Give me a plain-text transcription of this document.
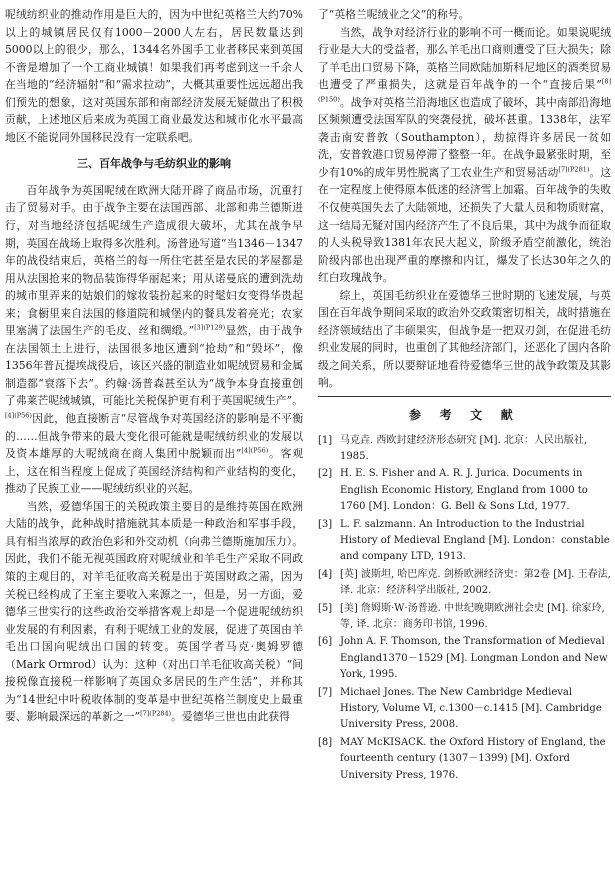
呢绒纺织业的推动作用是巨大的，因为中世纪英格兰大约70%以上的城镇居民仅有1000－2000人左右，居民数量达到5000以上的很少，那么，1344名外国手工业者移民来到英国不啻是增加了一个工商业城镇！如果我们再考虑到这一千余人在当地的“经济辐射”和“需求拉动”，大概其重要性远远超出我们预先的想象，这对英国东部和南部经济发展无疑做出了积极贡献，上述地区后来成为英国工商业最发达和城市化水平最高地区不能说同外国移民没有一定联系吧。

三、百年战争与毛纺织业的影响

百年战争为英国呢绒在欧洲大陆开辟了商品市场，沉重打击了贸易对手。由于战争主要在法国西部、北部和弗兰德斯进行，对当地经济包括呢绒生产造成很大破坏，尤其在战争早期，英国在战场上取得多次胜利。汤普逊写道“当1346－1347年的战役结束后，英格兰的每一所住宅甚至是农民的茅屋都是用从法国抢来的物品装饰得华丽起来；用从诺曼底的遭到洗劫的城市里弄来的姑娘们的嫁妆装扮起来的时髦妇女变得华贵起来；食橱里来自法国的修道院和城堡内的餐具发着亮光；农家里塞满了法国生产的毛皮、丝和绸缎。”$^{[3](P129)}$显然，由于战争在法国领土上进行，法国很多地区遭到“抢劫”和“毁坏”，像1356年普瓦提埃战役后，该区兴盛的制造业如呢绒贸易和金属制造都“衰落下去”。约翰·汤普森甚至认为“战争本身直接重创了弗莱芒呢绒城镇，可能比关税保护更有利于英国呢绒生产”。$^{[4](P56)}$因此，他直接断言“尽管战争对英国经济的影响是不平衡的……但战争带来的最大变化很可能就是呢绒纺织业的发展以及资本雄厚的大呢绒商在商人集团中脱颖而出”$^{[4](P56)}$。客观上，这在相当程度上促成了英国经济结构和产业结构的变化，推动了民族工业——呢绒纺织业的兴起。

当然，爱德华国王的关税政策主要目的是维持英国在欧洲大陆的战争，此种战时措施就其本质是一种政治和军事手段，具有相当浓厚的政治色彩和外交动机（向弗兰德斯施加压力）。因此，我们不能无视英国政府对呢绒业和羊毛生产采取不同政策的主观目的，对羊毛征收高关税是出于英国财政之需，因为关税已经构成了王室主要收入来源之一，但是，另一方面，爱德华三世实行的这些政治交举措客观上却是一个促进呢绒纺织业发展的有利因素，有利于呢绒工业的发展，促进了英国由羊毛出口国向呢绒出口国的转变。英国学者马克·奥姆罗德（Mark Ormrod）认为：这种（对出口羊毛征收高关税）“间接税像直接税一样影响了英国众多居民的生产生活”，并称其为“14世纪中叶税收体制的变革是中世纪英格兰制度史上最重要、影响最深远的革新之一”$^{[7](P284)}$。爱德华三世也由此获得

了“英格兰呢绒业之父”的称号。

当然，战争对经济行业的影响不可一概而论。如果说呢绒行业是大大的受益者，那么羊毛出口商则遭受了巨大损失；除了羊毛出口贸易下降，英格兰同欧陆加斯科尼地区的酒类贸易也遭受了严重损失，这就是百年战争的一个“直接后果”$^{[8](P150)}$。战争对英格兰沿海地区也造成了破坏，其中南部沿海地区频频遭受法国军队的突袭侵扰，破坏甚重。1338年，法军袭击南安普敦（Southampton），劫掠得许多居民一贫如洗，安普敦港口贸易停滞了整整一年。在战争最紧张时期，至少有10%的成年男性脱离了工农业生产和贸易活动$^{[7](P281)}$。这在一定程度上使得原本低迷的经济雪上加霜。百年战争的失败不仅使英国失去了大陆领地，还损失了大量人员和物质财富，这一结局无疑对国内经济产生了不良后果，其中为战争而征取的人头税导致1381年农民大起义，阶级矛盾空前激化，统治阶级内部也出现严重的摩擦和内讧，爆发了长达30年之久的红白玫瑰战争。

综上，英国毛纺织业在爱德华三世时期的飞速发展，与英国在百年战争期间采取的政治外交政策密切相关，战时措施在经济领域结出了丰硕果实，但战争是一把双刃剑，在促进毛纺织业发展的同时，也重创了其他经济部门，还恶化了国内各阶级之间关系，所以要辩证地看待爱德华三世的战争政策及其影响。

参 考 文 献
[1] 马克垚. 西欧封建经济形态研究 [M]. 北京：人民出版社, 1985.
[2] H. E. S. Fisher and A. R. J. Jurica. Documents in English Economic History, England from 1000 to 1760 [M]. London：G. Bell & Sons Ltd, 1977.
[3] L. F. salzmann. An Introduction to the Industrial History of Medieval England [M]. London：constable and company LTD, 1913.
[4] [英] 波斯坦, 哈巴库克. 剑桥欧洲经济史：第2卷 [M]. 王春法, 译. 北京：经济科学出版社, 2002.
[5] [美] 詹姆斯·W·汤普逊. 中世纪晚期欧洲社会史 [M]. 徐家玲, 等, 译. 北京：商务印书馆, 1996.
[6] John A. F. Thomson, the Transformation of Medieval England1370－1529 [M]. Longman London and New York, 1995.
[7] Michael Jones. The New Cambridge Medieval History, Volume Ⅵ, c.1300－c.1415 [M]. Cambridge University Press, 2008.
[8] MAY McKISACK. the Oxford History of England, the fourteenth century (1307－1399) [M]. Oxford University Press, 1976.
